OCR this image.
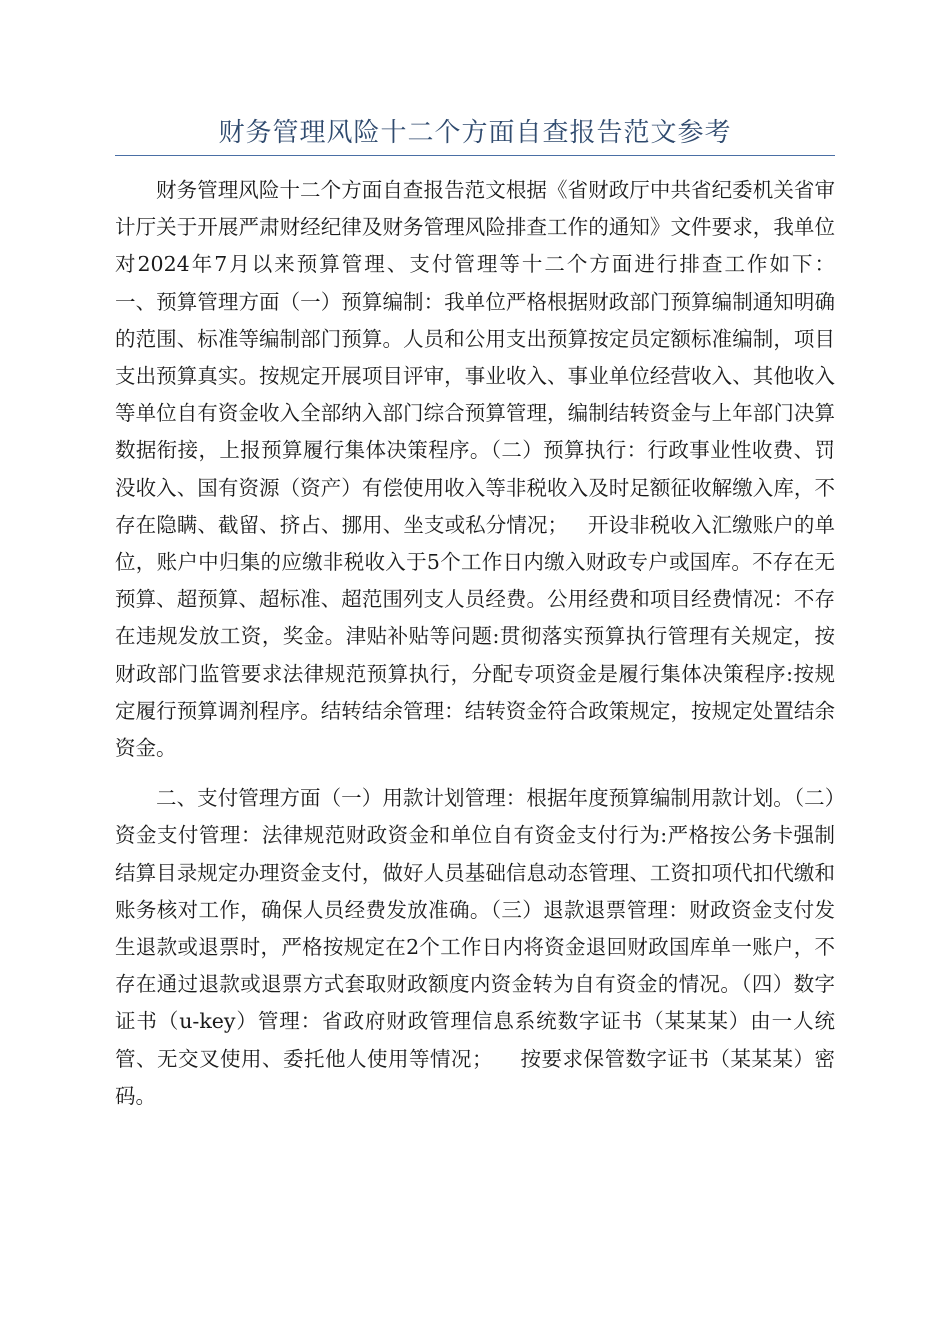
财务管理风险十二个方面自查报告范文参考

财务管理风险十二个方面自查报告范文根据《省财政厅中共省纪委机关省审计厅关于开展严肃财经纪律及财务管理风险排查工作的通知》文件要求，我单位对2024年7月以来预算管理、支付管理等十二个方面进行排查工作如下：    一、预算管理方面（一）预算编制：我单位严格根据财政部门预算编制通知明确的范围、标准等编制部门预算。人员和公用支出预算按定员定额标准编制，项目支出预算真实。按规定开展项目评审，事业收入、事业单位经营收入、其他收入等单位自有资金收入全部纳入部门综合预算管理，编制结转资金与上年部门决算数据衔接，上报预算履行集体决策程序。（二）预算执行：行政事业性收费、罚没收入、国有资源（资产）有偿使用收入等非税收入及时足额征收解缴入库，不存在隐瞒、截留、挤占、挪用、坐支或私分情况；   开设非税收入汇缴账户的单位，账户中归集的应缴非税收入于5个工作日内缴入财政专户或国库。不存在无预算、超预算、超标准、超范围列支人员经费。公用经费和项目经费情况：不存在违规发放工资，奖金。津贴补贴等问题:贯彻落实预算执行管理有关规定，按财政部门监管要求法律规范预算执行，分配专项资金是履行集体决策程序:按规定履行预算调剂程序。结转结余管理：结转资金符合政策规定，按规定处置结余资金。

二、支付管理方面（一）用款计划管理：根据年度预算编制用款计划。（二）资金支付管理：法律规范财政资金和单位自有资金支付行为:严格按公务卡强制结算目录规定办理资金支付，做好人员基础信息动态管理、工资扣项代扣代缴和账务核对工作，确保人员经费发放准确。（三）退款退票管理：财政资金支付发生退款或退票时，严格按规定在2个工作日内将资金退回财政国库单一账户，不存在通过退款或退票方式套取财政额度内资金转为自有资金的情况。（四）数字证书（u-key）管理：省政府财政管理信息系统数字证书（某某某）由一人统管、无交叉使用、委托他人使用等情况；    按要求保管数字证书（某某某）密码。
